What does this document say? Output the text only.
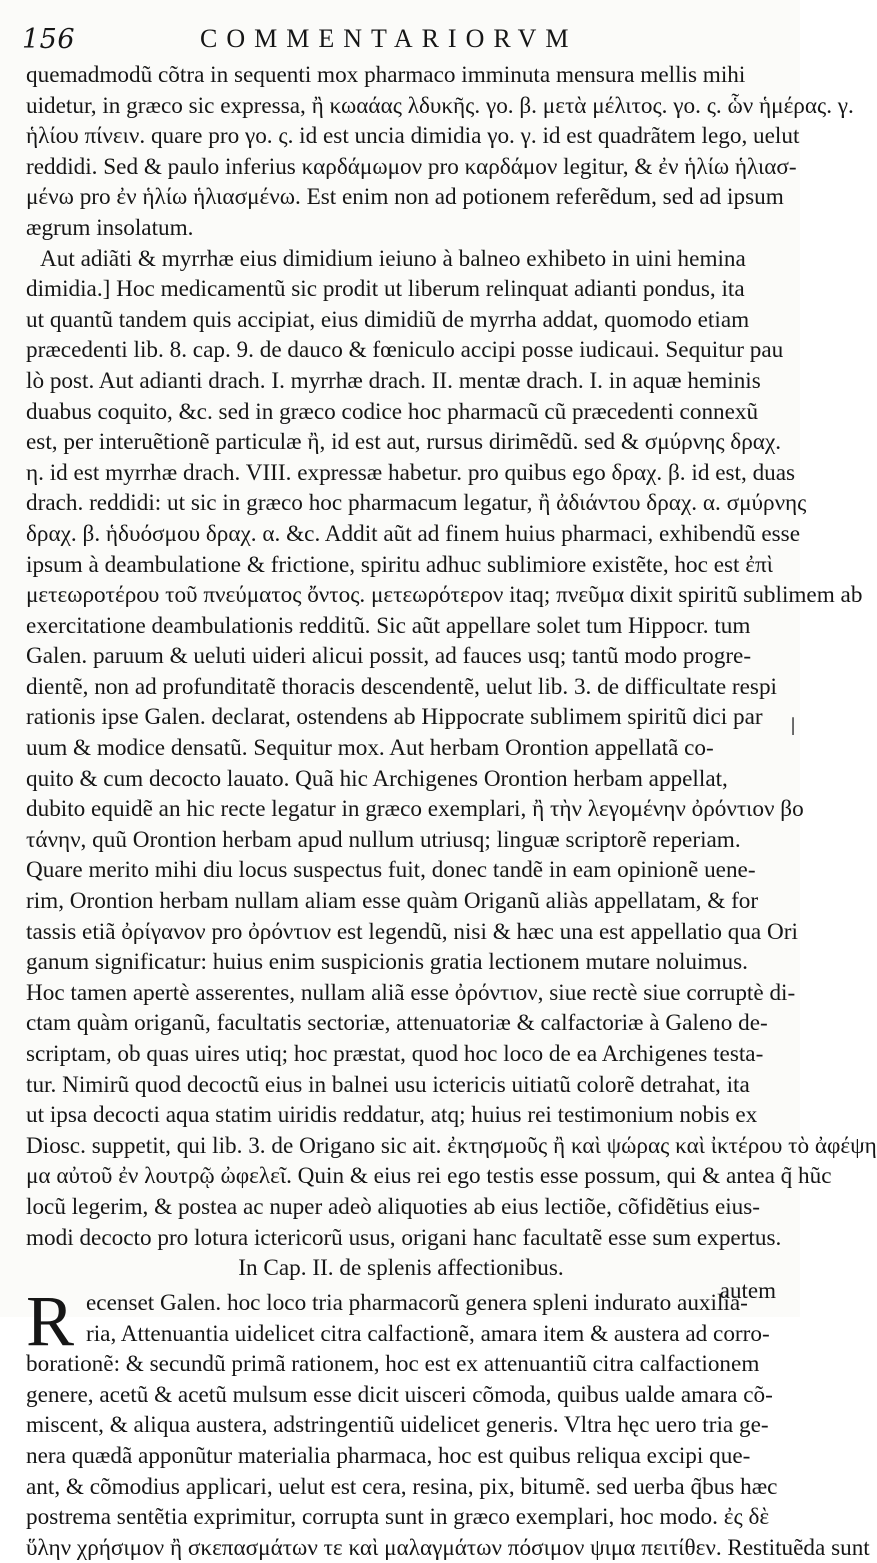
156	COMMENTARIORVM
quemadmodũ cõtra in sequenti mox pharmaco imminuta mensura mellis mihi
uidetur, in græco sic expressa, ἢ κωαάας λδυκῆς. γο. β. μετὰ μέλιτος. γο. ς. ὧν ἡμέρας. γ.
ἡλίου πίνειν. quare pro γο. ς. id est uncia dimidia γο. γ. id est quadrãtem lego, uelut
reddidi. Sed & paulo inferius καρδάμωμον pro καρδάμον legitur, & ἐν ἡλίω ἡλιασ-
μένω pro ἐν ἡλίω ἡλιασμένω. Est enim non ad potionem referẽdum, sed ad ipsum
ægrum insolatum.
Aut adiãti & myrrhæ eius dimidium ieiuno à balneo exhibeto in uini hemina
dimidia.] Hoc medicamentũ sic prodit ut liberum relinquat adianti pondus, ita
ut quantũ tandem quis accipiat, eius dimidiũ de myrrha addat, quomodo etiam
præcedenti lib. 8. cap. 9. de dauco & fœniculo accipi posse iudicaui. Sequitur pau
lò post. Aut adianti drach. I. myrrhæ drach. II. mentæ drach. I. in aquæ heminis
duabus coquito, &c. sed in græco codice hoc pharmacũ cũ præcedenti connexũ
est, per interuẽtionẽ particulæ ἢ, id est aut, rursus dirimẽdũ. sed & σμύρνης δραχ.
η. id est myrrhæ drach. VIII. expressæ habetur. pro quibus ego δραχ. β. id est, duas
drach. reddidi: ut sic in græco hoc pharmacum legatur, ἢ ἀδιάντου δραχ. α. σμύρνης
δραχ. β. ἡδυόσμου δραχ. α. &c. Addit aũt ad finem huius pharmaci, exhibendũ esse
ipsum à deambulatione & frictione, spiritu adhuc sublimiore existẽte, hoc est ἐπὶ
μετεωροτέρου τοῦ πνεύματος ὄντος. μετεωρότερον itaq; πνεῦμα dixit spiritũ sublimem ab
exercitatione deambulationis redditũ. Sic aũt appellare solet tum Hippocr. tum
Galen. paruum & ueluti uideri alicui possit, ad fauces usq; tantũ modo progre-
dientẽ, non ad profunditatẽ thoracis descendentẽ, uelut lib. 3. de difficultate respi
rationis ipse Galen. declarat, ostendens ab Hippocrate sublimem spiritũ dici par
uum & modice densatũ. Sequitur mox. Aut herbam Orontion appellatã co-
quito & cum decocto lauato. Quã hic Archigenes Orontion herbam appellat,
dubito equidẽ an hic recte legatur in græco exemplari, ἢ τὴν λεγομένην ὀρόντιον βο
τάνην, quũ Orontion herbam apud nullum utriusq; linguæ scriptorẽ reperiam.
Quare merito mihi diu locus suspectus fuit, donec tandẽ in eam opinionẽ uene-
rim, Orontion herbam nullam aliam esse quàm Origanũ aliàs appellatam, & for
tassis etiã ὀρίγανον pro ὀρόντιον est legendũ, nisi & hæc una est appellatio qua Ori
ganum significatur: huius enim suspicionis gratia lectionem mutare noluimus.
Hoc tamen apertè asserentes, nullam aliã esse ὀρόντιον, siue rectè siue corruptè di-
ctam quàm origanũ, facultatis sectoriæ, attenuatoriæ & calfactoriæ à Galeno de-
scriptam, ob quas uires utiq; hoc præstat, quod hoc loco de ea Archigenes testa-
tur. Nimirũ quod decoctũ eius in balnei usu ictericis uitiatũ colorẽ detrahat, ita
ut ipsa decocti aqua statim uiridis reddatur, atq; huius rei testimonium nobis ex
Diosc. suppetit, qui lib. 3. de Origano sic ait. ἐκτησμοῦς ἢ καὶ ψώρας καὶ ἰκτέρου τὸ ἀφέψη
μα αὐτοῦ ἐν λουτρῷ ὠφελεῖ. Quin & eius rei ego testis esse possum, qui & antea q̃ hũc
locũ legerim, & postea ac nuper adeò aliquoties ab eius lectiõe, cõfidẽtius eius-
modi decocto pro lotura ictericorũ usus, origani hanc facultatẽ esse sum expertus.
In Cap. II. de splenis affectionibus.
R ecenset Galen. hoc loco tria pharmacorũ genera spleni indurato auxilia-
ria, Attenuantia uidelicet citra calfactionẽ, amara item & austera ad corro-
borationẽ: & secundũ primã rationem, hoc est ex attenuantiũ citra calfactionem
genere, acetũ & acetũ mulsum esse dicit uisceri cõmoda, quibus ualde amara cõ-
miscent, & aliqua austera, adstringentiũ uidelicet generis. Vltra hęc uero tria ge-
nera quædã apponũtur materialia pharmaca, hoc est quibus reliqua excipi que-
ant, & cõmodius applicari, uelut est cera, resina, pix, bitumẽ. sed uerba q̃bus hæc
postrema sentẽtia exprimitur, corrupta sunt in græco exemplari, hoc modo. ἐς δὲ
ὕλην χρήσιμον ἢ σκεπασμάτων τε καὶ μαλαγμάτων πόσιμον ψιμα πειτίθεν. Restituẽda sunt
autem
|
